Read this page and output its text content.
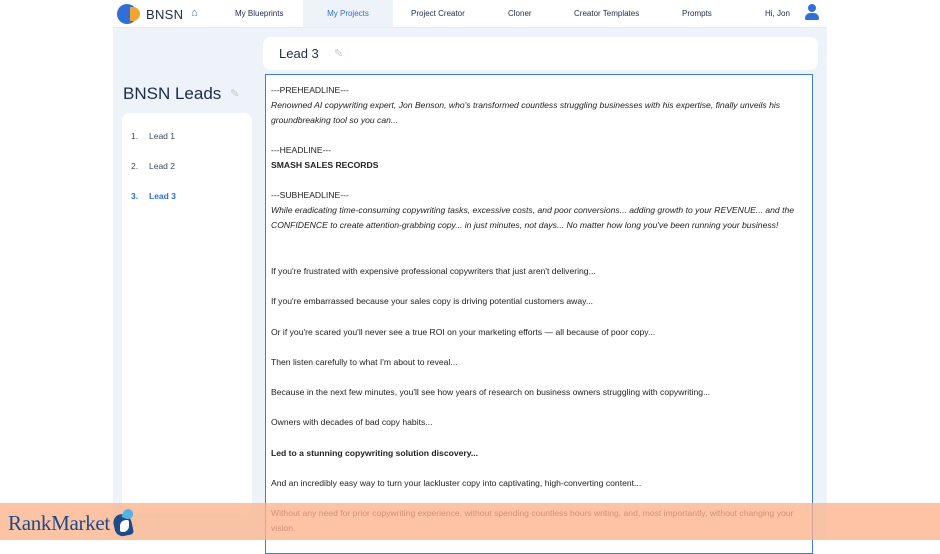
BNSN ⌂	My Blueprints	My Projects	Project Creator	Cloner	Creator Templates	Prompts	Hi, Jon
BNSN Leads ✎
1. Lead 1
2. Lead 2
3. Lead 3
Lead 3 ✎

---PREHEADLINE---

Renowned AI copywriting expert, Jon Benson, who's transformed countless struggling businesses with his expertise, finally unveils his groundbreaking tool so you can...

---HEADLINE---

SMASH SALES RECORDS

---SUBHEADLINE---

While eradicating time-consuming copywriting tasks, excessive costs, and poor conversions... adding growth to your REVENUE... and the CONFIDENCE to create attention-grabbing copy... in just minutes, not days... No matter how long you've been running your business!

If you're frustrated with expensive professional copywriters that just aren't delivering...

If you're embarrassed because your sales copy is driving potential customers away...

Or if you're scared you'll never see a true ROI on your marketing efforts — all because of poor copy...

Then listen carefully to what I'm about to reveal...

Because in the next few minutes, you'll see how years of research on business owners struggling with copywriting...

Owners with decades of bad copy habits...

Led to a stunning copywriting solution discovery...

And an incredibly easy way to turn your lackluster copy into captivating, high-converting content...

RankMarket
